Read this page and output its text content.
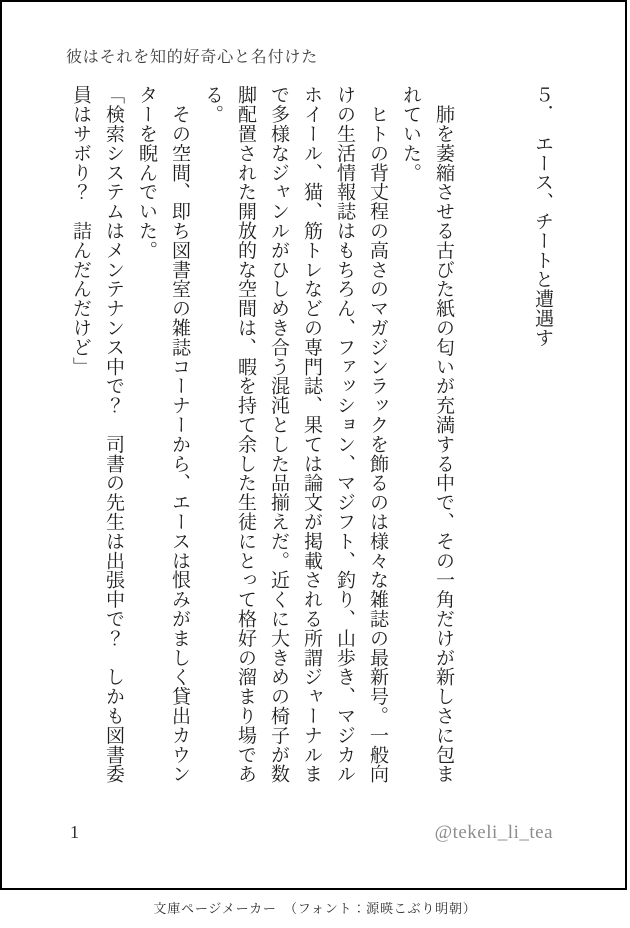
彼はそれを知的好奇心と名付けた
５．　エース、チートと遭遇す
　肺を萎縮させる古びた紙の匂いが充満する中で、その一角だけが新しさに包ま
れていた。
　ヒトの背丈程の高さのマガジンラックを飾るのは様々な雑誌の最新号。一般向
けの生活情報誌はもちろん、ファッション、マジフト、釣り、山歩き、マジカル
ホイール、猫、筋トレなどの専門誌、果ては論文が掲載される所謂ジャーナルま
で多様なジャンルがひしめき合う混沌とした品揃えだ。近くに大きめの椅子が数
脚配置された開放的な空間は、暇を持て余した生徒にとって格好の溜まり場であ
る。
　その空間、即ち図書室の雑誌コーナーから、エースは恨みがましく貸出カウン
ターを睨んでいた。
「検索システムはメンテナンス中で？　司書の先生は出張中で？　しかも図書委
員はサボり？　詰んだんだけど」
1	@tekeli_li_tea
文庫ページメーカー　（フォント：源暎こぶり明朝）
